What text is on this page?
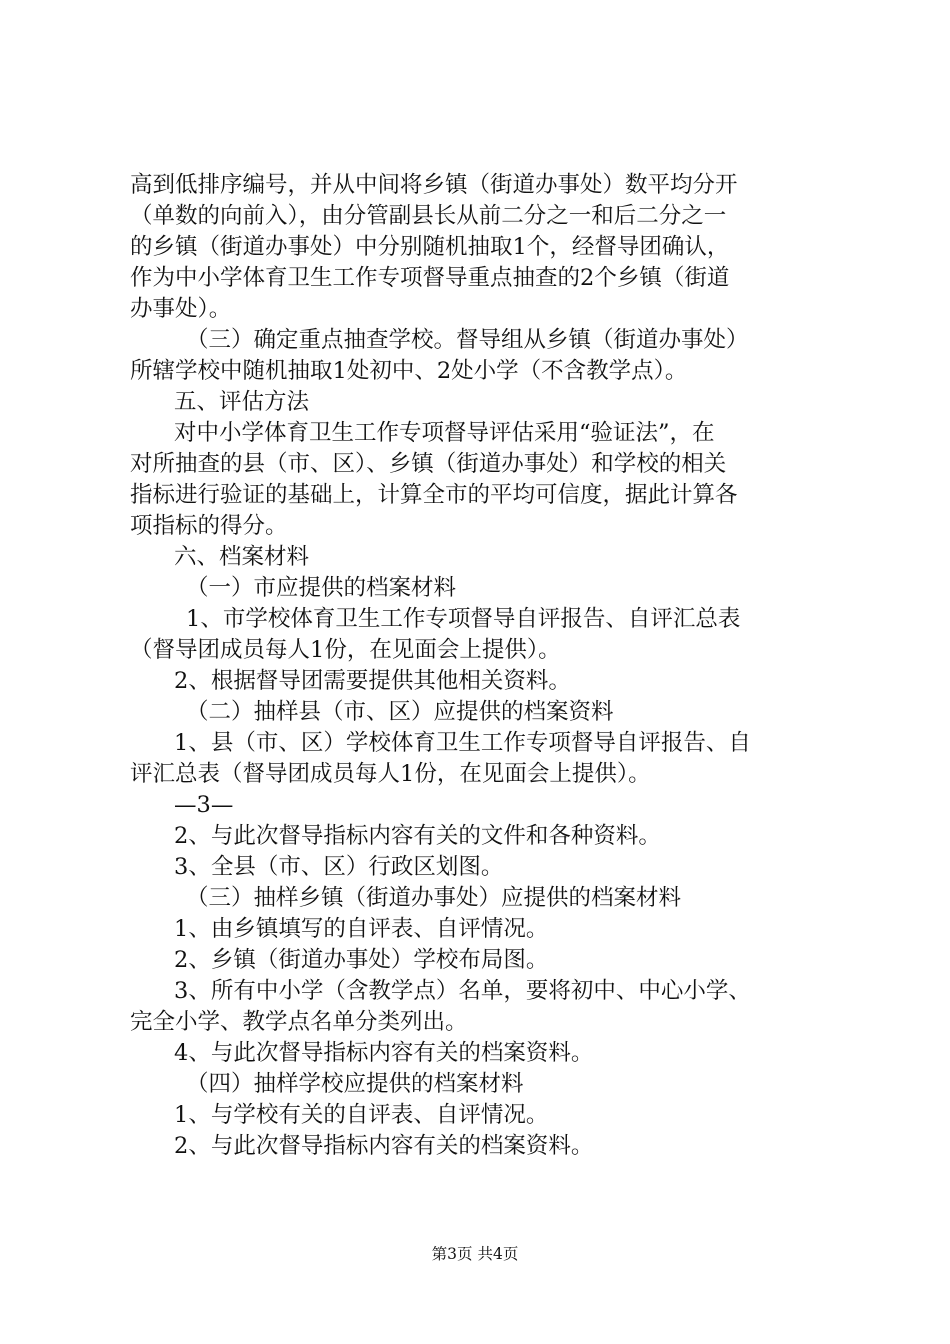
高到低排序编号，并从中间将乡镇（街道办事处）数平均分开
（单数的向前入），由分管副县长从前二分之一和后二分之一
的乡镇（街道办事处）中分别随机抽取1个，经督导团确认，
作为中小学体育卫生工作专项督导重点抽查的2个乡镇（街道
办事处）。
（三）确定重点抽查学校。督导组从乡镇（街道办事处）
所辖学校中随机抽取1处初中、2处小学（不含教学点）。
五、评估方法
对中小学体育卫生工作专项督导评估采用“验证法”，在
对所抽查的县（市、区）、乡镇（街道办事处）和学校的相关
指标进行验证的基础上，计算全市的平均可信度，据此计算各
项指标的得分。
六、档案材料
（一）市应提供的档案材料
1、市学校体育卫生工作专项督导自评报告、自评汇总表
（督导团成员每人1份，在见面会上提供）。
2、根据督导团需要提供其他相关资料。
（二）抽样县（市、区）应提供的档案资料
1、县（市、区）学校体育卫生工作专项督导自评报告、自
评汇总表（督导团成员每人1份，在见面会上提供）。
—3—
2、与此次督导指标内容有关的文件和各种资料。
3、全县（市、区）行政区划图。
（三）抽样乡镇（街道办事处）应提供的档案材料
1、由乡镇填写的自评表、自评情况。
2、乡镇（街道办事处）学校布局图。
3、所有中小学（含教学点）名单，要将初中、中心小学、
完全小学、教学点名单分类列出。
4、与此次督导指标内容有关的档案资料。
（四）抽样学校应提供的档案材料
1、与学校有关的自评表、自评情况。
2、与此次督导指标内容有关的档案资料。
第3页 共4页
